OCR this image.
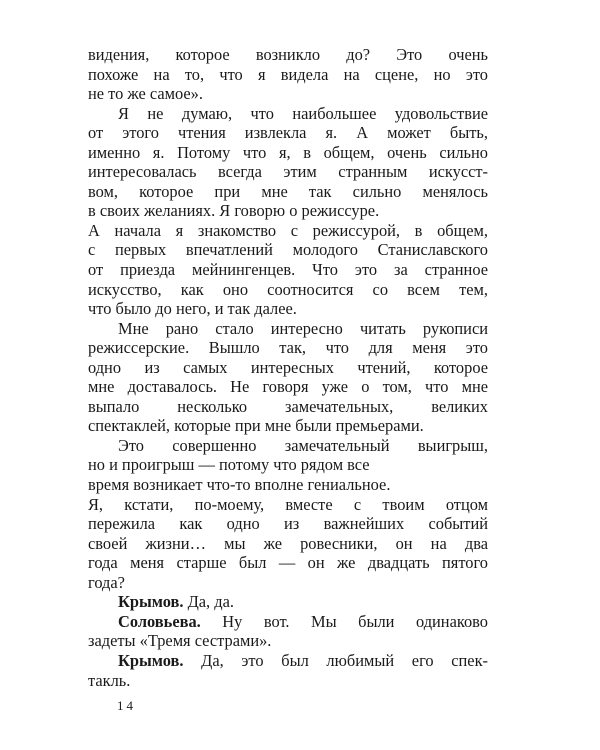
видения, которое возникло до? Это очень
похоже на то, что я видела на сцене, но это
не то же самое».
Я не думаю, что наибольшее удовольствие
от этого чтения извлекла я. А может быть,
именно я. Потому что я, в общем, очень сильно
интересовалась всегда этим странным искусст-
вом, которое при мне так сильно менялось
в своих желаниях. Я говорю о режиссуре.
А начала я знакомство с режиссурой, в общем,
с первых впечатлений молодого Станиславского
от приезда мейнингенцев. Что это за странное
искусство, как оно соотносится со всем тем,
что было до него, и так далее.
Мне рано стало интересно читать рукописи
режиссерские. Вышло так, что для меня это
одно из самых интересных чтений, которое
мне доставалось. Не говоря уже о том, что мне
выпало несколько замечательных, великих
спектаклей, которые при мне были премьерами.
Это совершенно замечательный выигрыш,
но и проигрыш — потому что рядом все
время возникает что-то вполне гениальное.
Я, кстати, по-моему, вместе с твоим отцом
пережила как одно из важнейших событий
своей жизни… мы же ровесники, он на два
года меня старше был — он же двадцать пятого
года?
Крымов. Да, да.
Соловьева. Ну вот. Мы были одинаково
задеты «Тремя сестрами».
Крымов. Да, это был любимый его спек-
такль.
14
